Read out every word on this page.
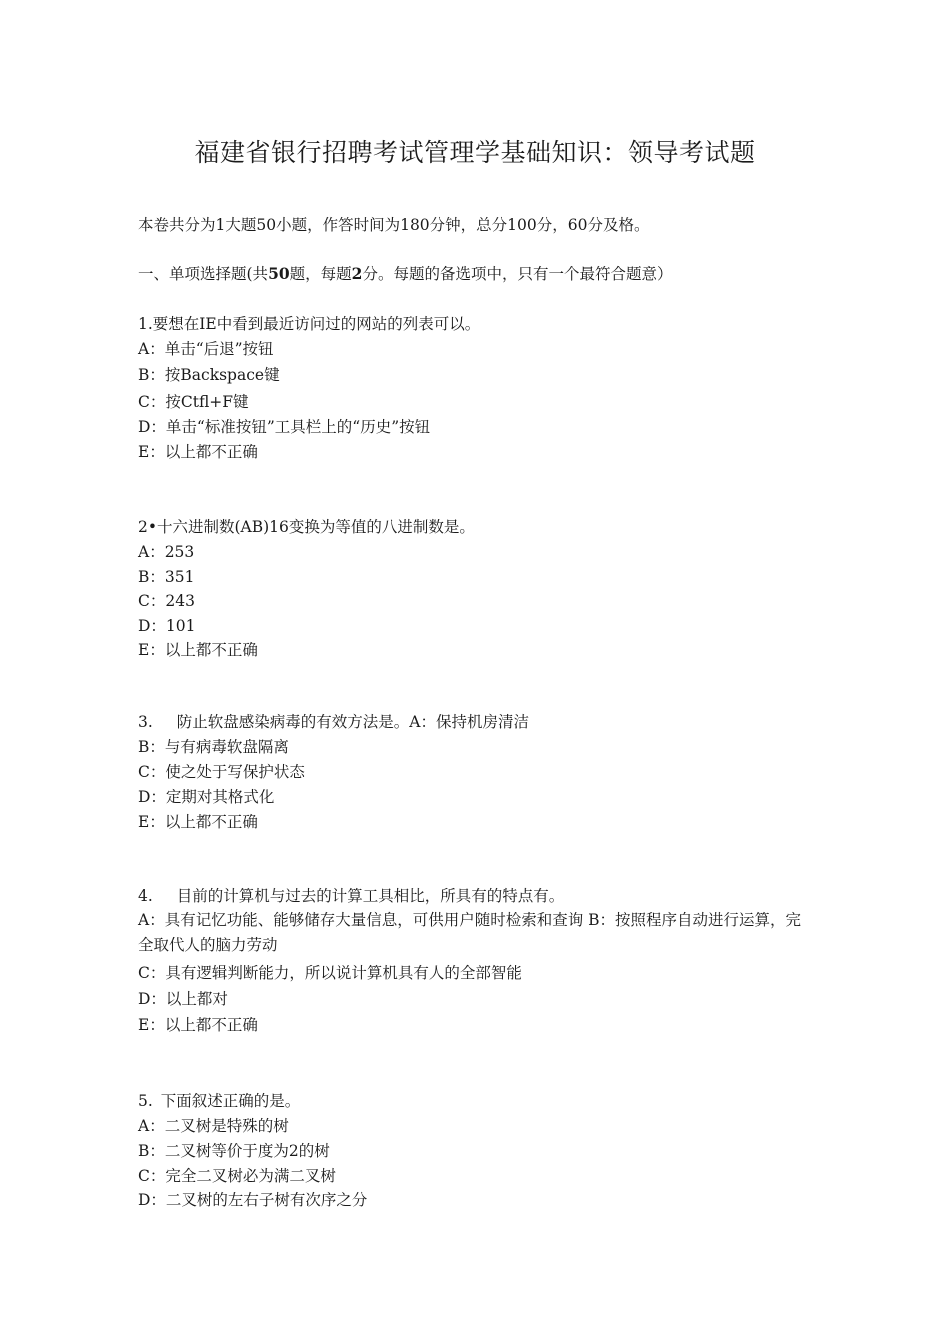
福建省银行招聘考试管理学基础知识：领导考试题
本卷共分为1大题50小题，作答时间为180分钟，总分100分，60分及格。
一、单项选择题(共50题，每题2分。每题的备选项中，只有一个最符合题意）
1.要想在IE中看到最近访问过的网站的列表可以。
A：单击“后退”按钮
B：按Backspace键
C：按Ctfl+F键
D：单击“标准按钮”工具栏上的“历史”按钮
E：以上都不正确
2•十六进制数(AB)16变换为等值的八进制数是。
A：253
B：351
C：243
D：101
E：以上都不正确
3. 防止软盘感染病毒的有效方法是。A：保持机房清洁
B：与有病毒软盘隔离
C：使之处于写保护状态
D：定期对其格式化
E：以上都不正确
4. 目前的计算机与过去的计算工具相比，所具有的特点有。
A：具有记忆功能、能够储存大量信息，可供用户随时检索和查询 B：按照程序自动进行运算，完全取代人的脑力劳动
C：具有逻辑判断能力，所以说计算机具有人的全部智能
D：以上都对
E：以上都不正确
5. 下面叙述正确的是。
A：二叉树是特殊的树
B：二叉树等价于度为2的树
C：完全二叉树必为满二叉树
D：二叉树的左右子树有次序之分
